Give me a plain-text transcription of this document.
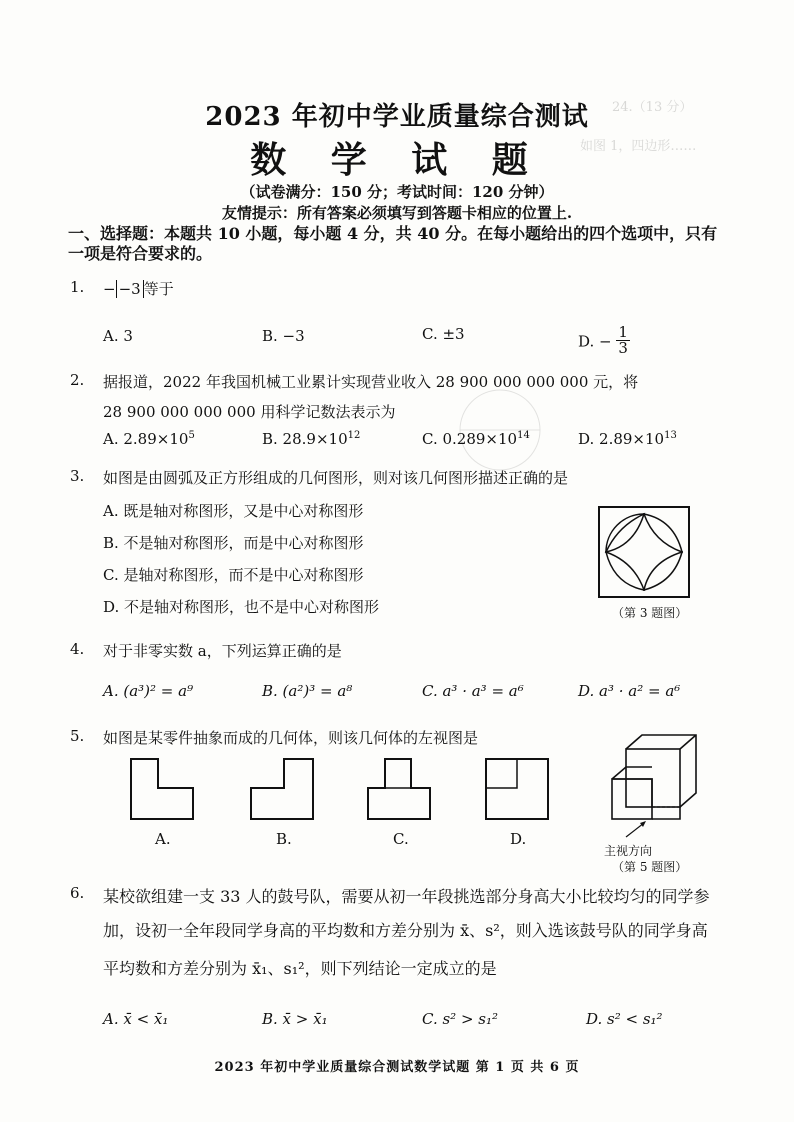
24.（13 分）
如图 1，四边形……
2023 年初中学业质量综合测试
数 学 试 题
（试卷满分：150 分；考试时间：120 分钟）
友情提示：所有答案必须填写到答题卡相应的位置上.
一、选择题：本题共 10 小题，每小题 4 分，共 40 分。在每小题给出的四个选项中，只有一项是符合要求的。
1. − −3 等于
A. 3	B. −3	C. ±3	D. − $\frac{1}{3}$
2. 据报道，2022 年我国机械工业累计实现营业收入 28 900 000 000 000 元，将
28 900 000 000 000 用科学记数法表示为
A. $2.89\times 10^5$	B. $28.9\times 10^{12}$	C. $0.289\times 10^{14}$	D. $2.89\times 10^{13}$
3. 如图是由圆弧及正方形组成的几何图形，则对该几何图形描述正确的是
A. 既是轴对称图形，又是中心对称图形
B. 不是轴对称图形，而是中心对称图形
C. 是轴对称图形，而不是中心对称图形
D. 不是轴对称图形，也不是中心对称图形	（第 3 题图）
4. 对于非零实数 a，下列运算正确的是
A. (a³)² = a⁹	B. (a²)³ = a⁸	C. a³ · a³ = a⁶	D. a³ · a² = a⁶
5. 如图是某零件抽象而成的几何体，则该几何体的左视图是
A.	B.	C.	D.
主视方向
（第 5 题图）
6. 某校欲组建一支 33 人的鼓号队，需要从初一年段挑选部分身高大小比较均匀的同学参
加，设初一全年段同学身高的平均数和方差分别为 x̄、s²，则入选该鼓号队的同学身高
平均数和方差分别为 x̄₁、s₁²，则下列结论一定成立的是
A. x̄ < x̄₁	B. x̄ > x̄₁	C. s² > s₁²	D. s² < s₁²
2023 年初中学业质量综合测试数学试题 第 1 页 共 6 页
